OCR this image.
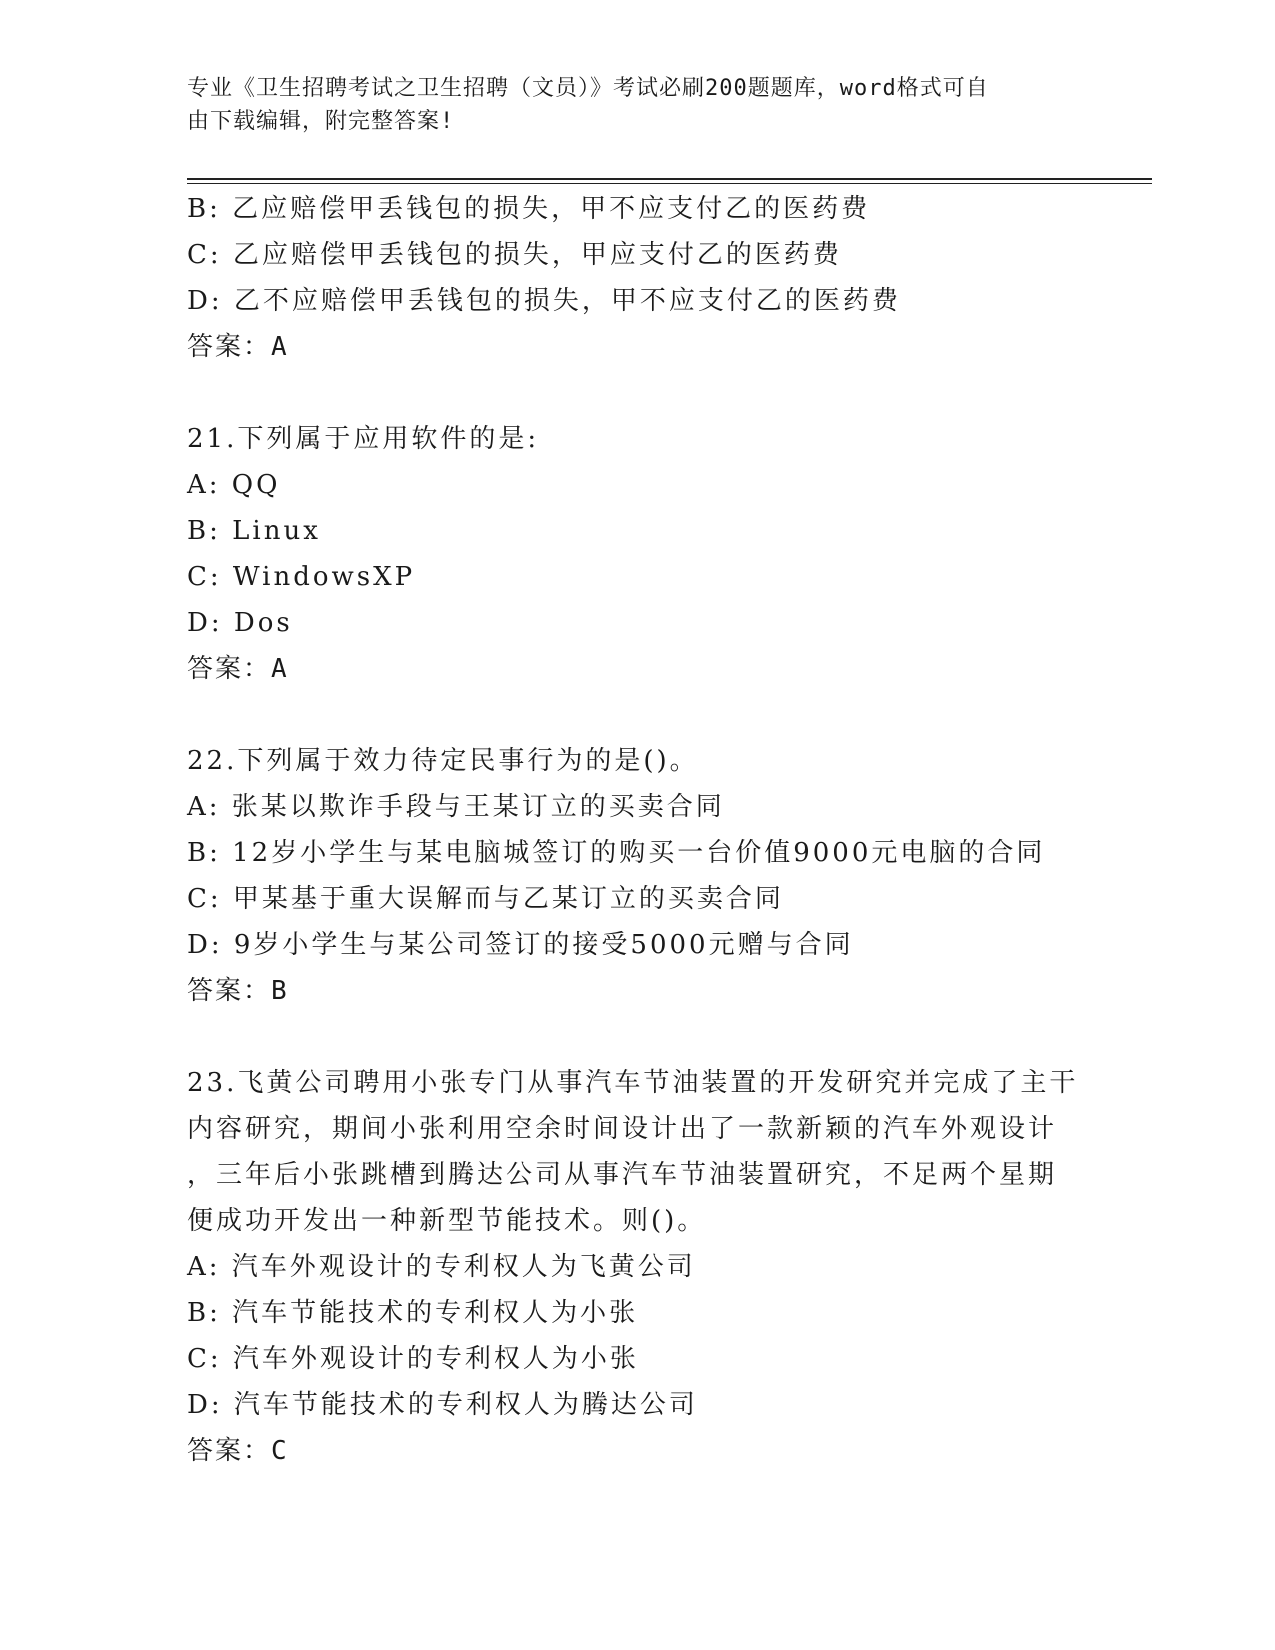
专业《卫生招聘考试之卫生招聘（文员）》考试必刷200题题库，word格式可自
由下载编辑，附完整答案!
B: 乙应赔偿甲丢钱包的损失，甲不应支付乙的医药费
C: 乙应赔偿甲丢钱包的损失，甲应支付乙的医药费
D: 乙不应赔偿甲丢钱包的损失，甲不应支付乙的医药费
答案：A
21.下列属于应用软件的是:
A: QQ
B: Linux
C: WindowsXP
D: Dos
答案：A
22.下列属于效力待定民事行为的是()。
A: 张某以欺诈手段与王某订立的买卖合同
B: 12岁小学生与某电脑城签订的购买一台价值9000元电脑的合同
C: 甲某基于重大误解而与乙某订立的买卖合同
D: 9岁小学生与某公司签订的接受5000元赠与合同
答案：B
23.飞黄公司聘用小张专门从事汽车节油装置的开发研究并完成了主干
内容研究，期间小张利用空余时间设计出了一款新颖的汽车外观设计
，三年后小张跳槽到腾达公司从事汽车节油装置研究，不足两个星期
便成功开发出一种新型节能技术。则()。
A: 汽车外观设计的专利权人为飞黄公司
B: 汽车节能技术的专利权人为小张
C: 汽车外观设计的专利权人为小张
D: 汽车节能技术的专利权人为腾达公司
答案：C
